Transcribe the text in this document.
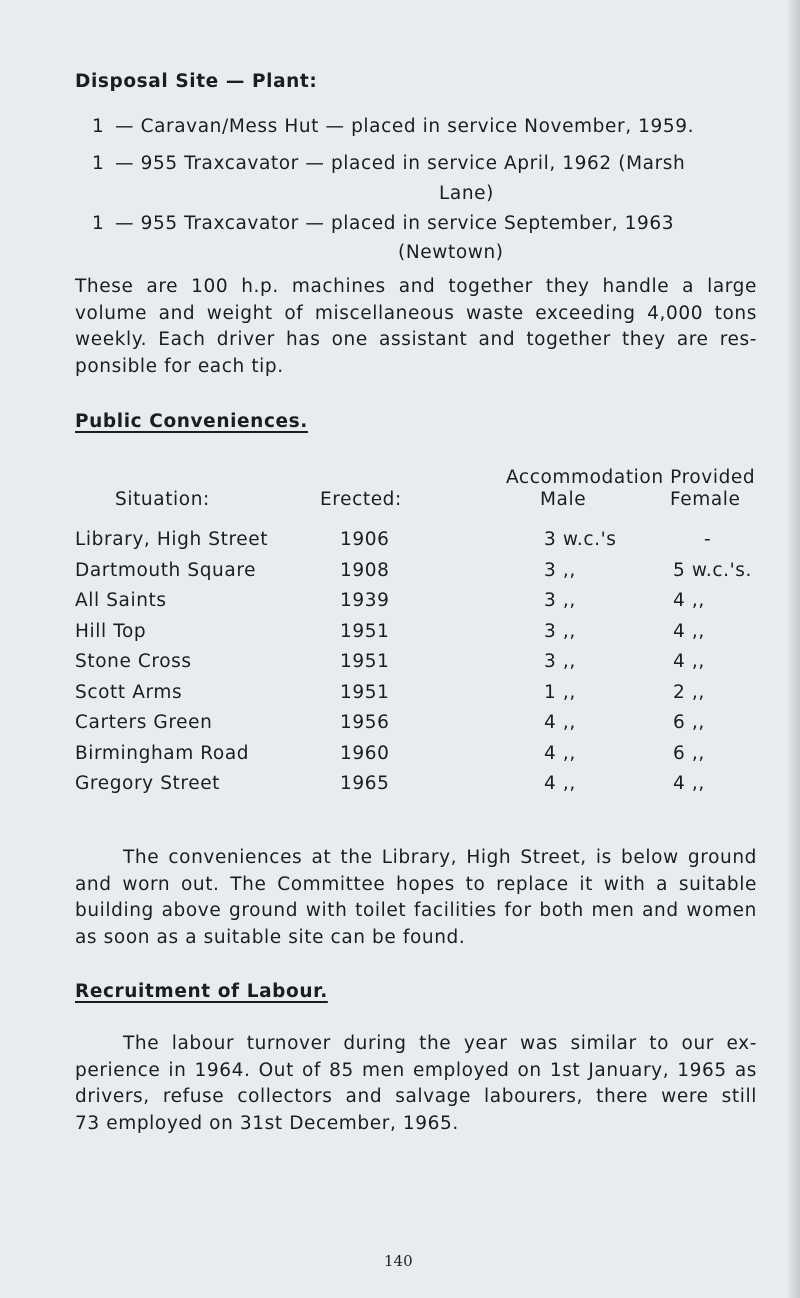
Disposal Site — Plant:
1 — Caravan/Mess Hut — placed in service November, 1959.
1 — 955 Traxcavator — placed in service April, 1962 (Marsh
Lane)
1 — 955 Traxcavator — placed in service September, 1963
(Newtown)
These are 100 h.p. machines and together they handle a large
volume and weight of miscellaneous waste exceeding 4,000 tons
weekly. Each driver has one assistant and together they are res-
ponsible for each tip.
Public Conveniences.
Accommodation Provided
Situation:	Erected:	Male	Female
Library, High Street	1906	3 w.c.'s	-
Dartmouth Square	1908	3 ,,	5 w.c.'s.
All Saints	1939	3 ,,	4 ,,
Hill Top	1951	3 ,,	4 ,,
Stone Cross	1951	3 ,,	4 ,,
Scott Arms	1951	1 ,,	2 ,,
Carters Green	1956	4 ,,	6 ,,
Birmingham Road	1960	4 ,,	6 ,,
Gregory Street	1965	4 ,,	4 ,,
The conveniences at the Library, High Street, is below ground
and worn out. The Committee hopes to replace it with a suitable
building above ground with toilet facilities for both men and women
as soon as a suitable site can be found.
Recruitment of Labour.
The labour turnover during the year was similar to our ex-
perience in 1964. Out of 85 men employed on 1st January, 1965 as
drivers, refuse collectors and salvage labourers, there were still
73 employed on 31st December, 1965.
140
